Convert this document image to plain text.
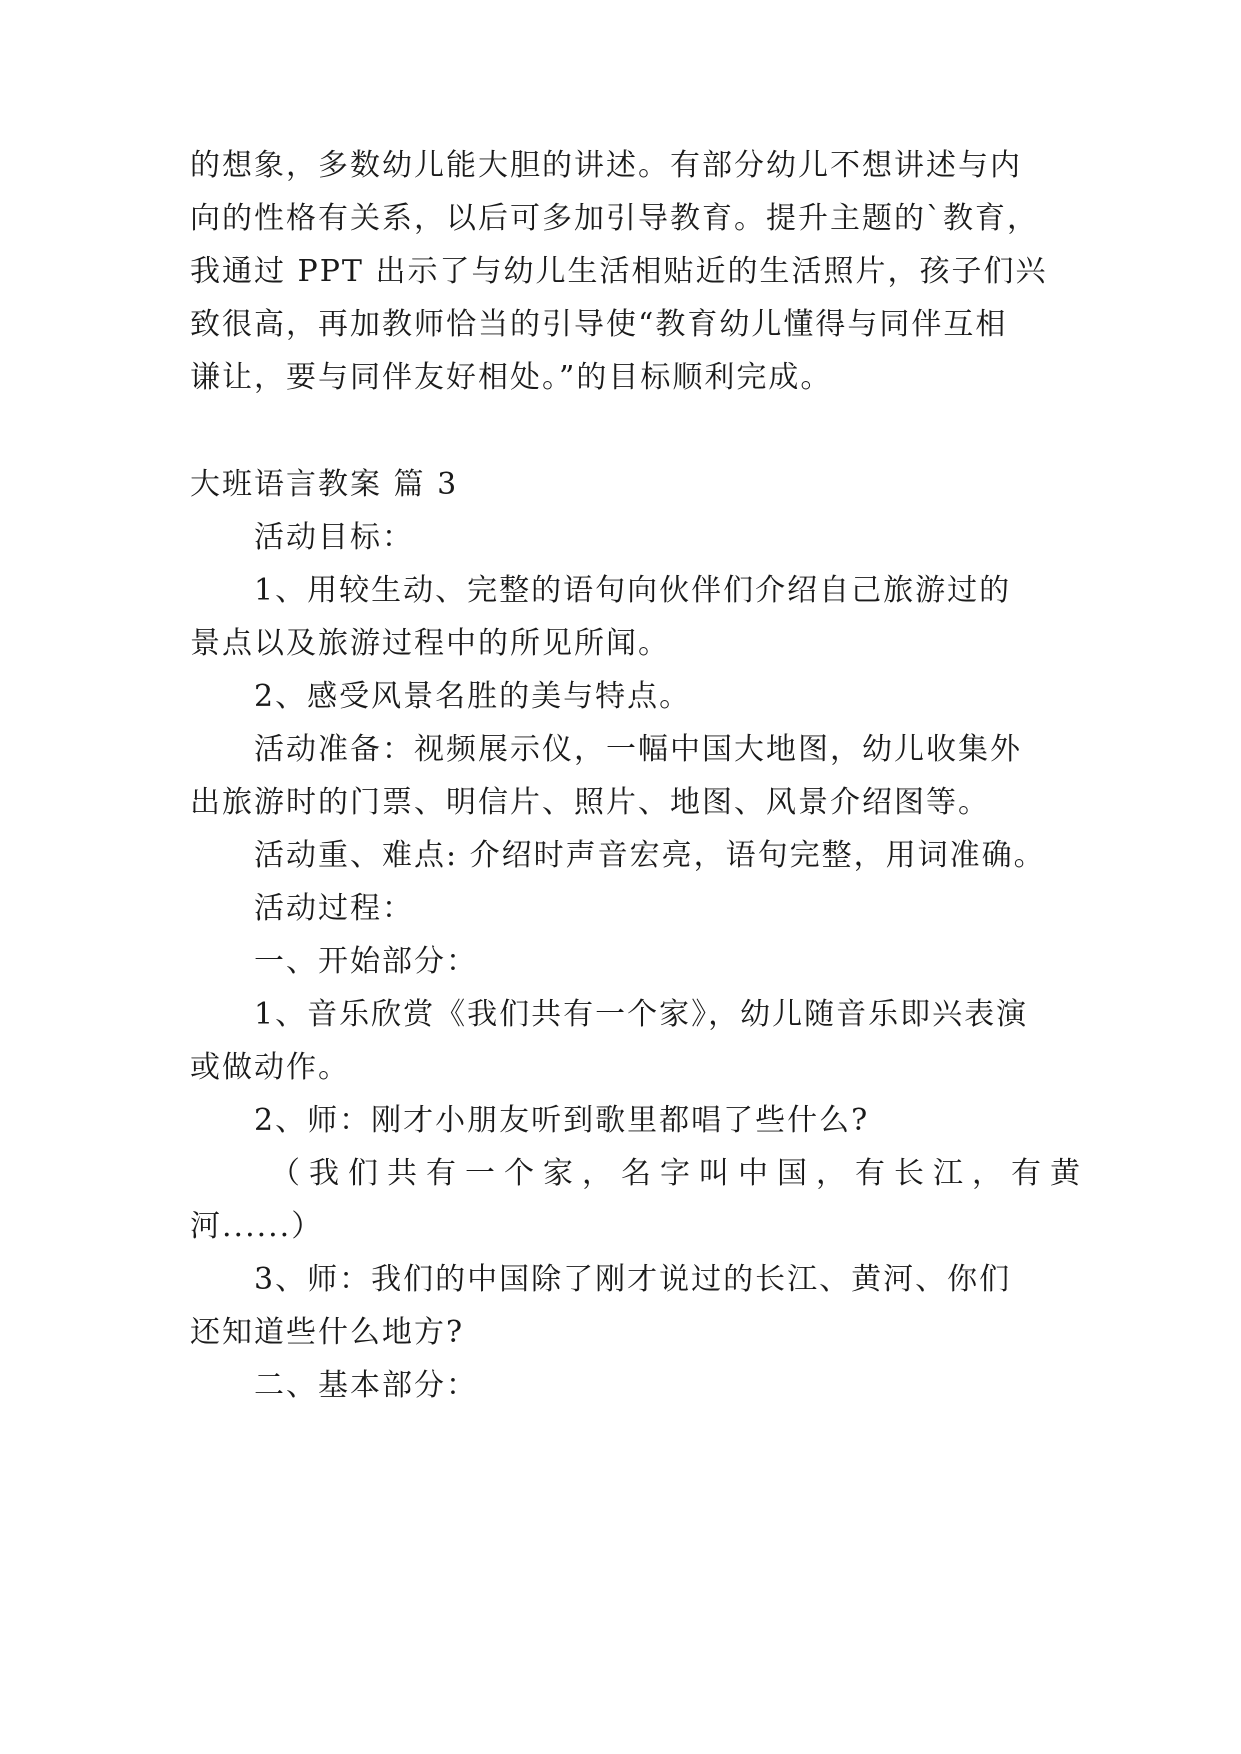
的想象，多数幼儿能大胆的讲述。有部分幼儿不想讲述与内
向的性格有关系，以后可多加引导教育。提升主题的`教育，
我通过 PPT 出示了与幼儿生活相贴近的生活照片，孩子们兴
致很高，再加教师恰当的引导使“教育幼儿懂得与同伴互相
谦让，要与同伴友好相处。”的目标顺利完成。
大班语言教案 篇 3
活动目标：
1、用较生动、完整的语句向伙伴们介绍自己旅游过的
景点以及旅游过程中的所见所闻。
2、感受风景名胜的美与特点。
活动准备：视频展示仪，一幅中国大地图，幼儿收集外
出旅游时的门票、明信片、照片、地图、风景介绍图等。
活动重、难点: 介绍时声音宏亮，语句完整，用词准确。
活动过程：
一、开始部分：
1、音乐欣赏《我们共有一个家》，幼儿随音乐即兴表演
或做动作。
2、师：刚才小朋友听到歌里都唱了些什么?
（我们共有一个家，名字叫中国，有长江，有黄
河......）
3、师：我们的中国除了刚才说过的长江、黄河、你们
还知道些什么地方?
二、基本部分：
